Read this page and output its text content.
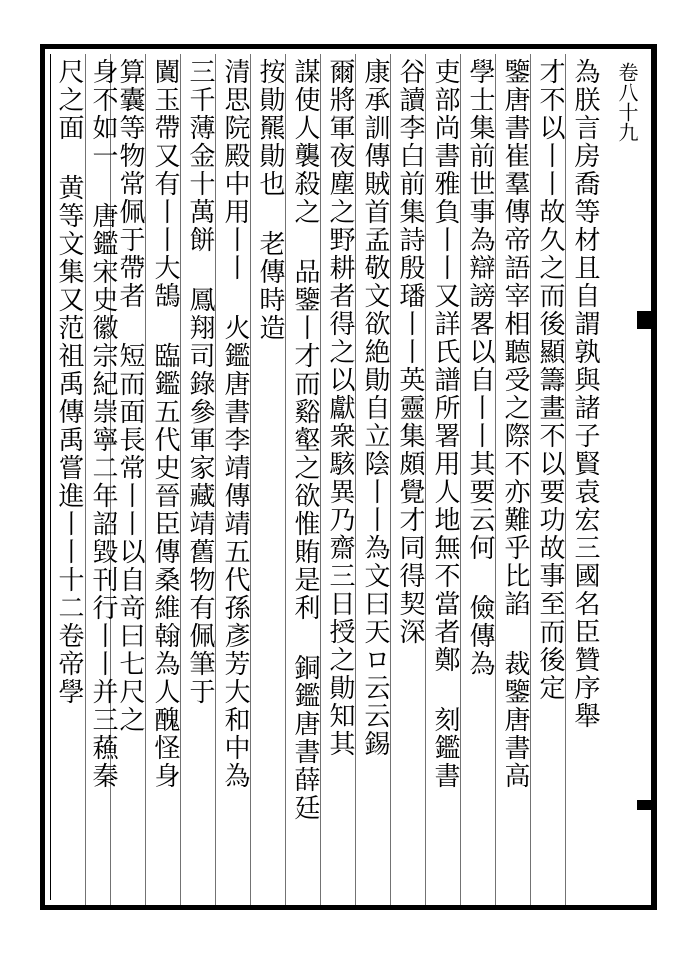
卷八十九
為朕言房喬等材且自謂孰與諸子賢袁宏三國名臣贊序舉
才不以丨丨故久之而後顯籌畫不以要功故事至而後定
鑒唐書崔羣傳帝語宰相聽受之際不亦難乎比諂 裁鑒唐書高
學士集前世事為辯謗畧以自丨丨其要云何 儉傳為
吏部尚書雅負丨丨又詳氏譜所署用人地無不當者鄭 刻鑑書
谷讀李白前集詩殷璠丨丨英靈集頗覺才同得契深
康承訓傳賊首孟敬文欲絶勛自立陰丨丨為文曰天ロ云云錫
爾將軍夜塵之野耕者得之以獻衆駭異乃齋三日授之勛知其
謀使人襲殺之 品鑒丨才而谿壑之欲惟賄是利 銅鑑唐書薛廷
按勛羆勛也 老傳時造
清思院殿中用丨丨 火鑑唐書李靖傳靖五代孫彥芳大和中為
三千薄金十萬餅 鳳翔司錄參軍家藏靖舊物有佩筆于
闐玉帶又有丨丨大鵠 臨鑑五代史晉臣傳桑維翰為人醜怪身
算囊等物常佩于帶者 短而面長常丨丨以自竒曰七尺之
身不如一 唐鑑宋史徽宗紀崇寧二年詔毀刊行丨丨并三蘓秦
尺之面 黄等文集又范祖禹傳禹嘗進丨丨十二卷帝學
